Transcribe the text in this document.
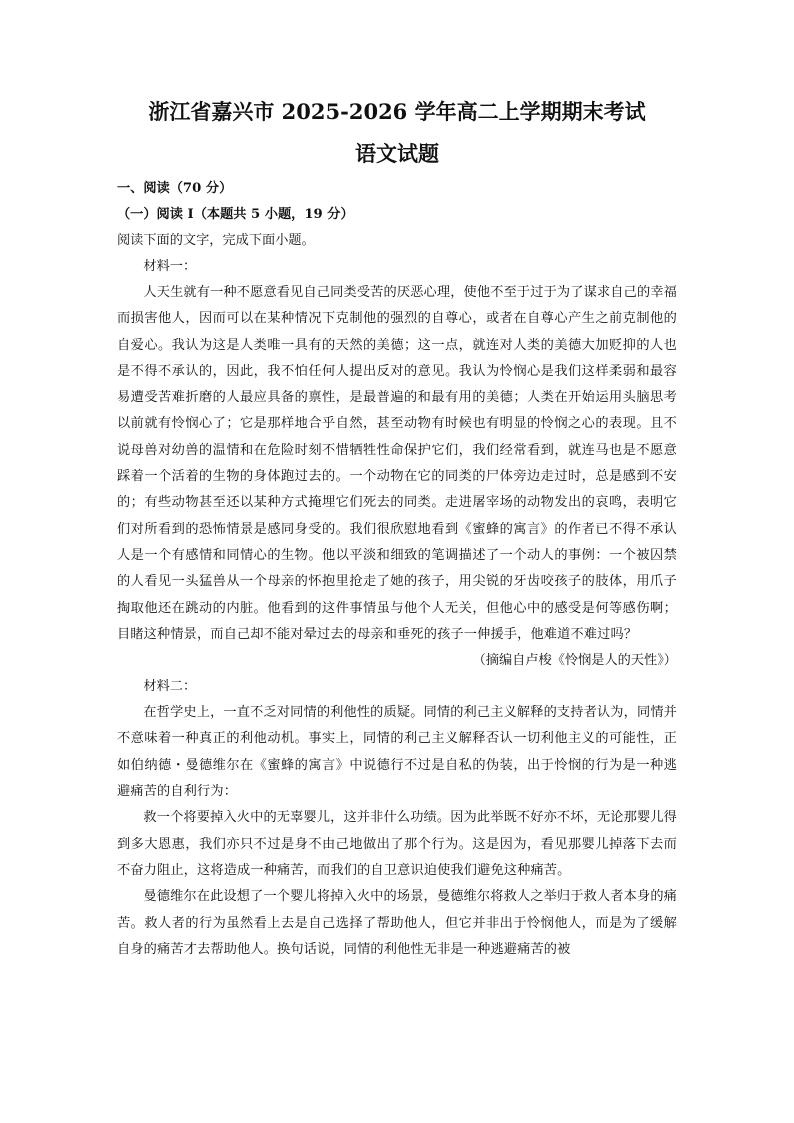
浙江省嘉兴市 2025-2026 学年高二上学期期末考试
语文试题

一、阅读（70 分）

（一）阅读 I（本题共 5 小题，19 分）

阅读下面的文字，完成下面小题。

材料一：

人天生就有一种不愿意看见自己同类受苦的厌恶心理，使他不至于过于为了谋求自己的幸福而损害他人，因而可以在某种情况下克制他的强烈的自尊心，或者在自尊心产生之前克制他的自爱心。我认为这是人类唯一具有的天然的美德；这一点，就连对人类的美德大加贬抑的人也是不得不承认的，因此，我不怕任何人提出反对的意见。我认为怜悯心是我们这样柔弱和最容易遭受苦难折磨的人最应具备的禀性，是最普遍的和最有用的美德；人类在开始运用头脑思考以前就有怜悯心了；它是那样地合乎自然，甚至动物有时候也有明显的怜悯之心的表现。且不说母兽对幼兽的温情和在危险时刻不惜牺牲性命保护它们，我们经常看到，就连马也是不愿意踩着一个活着的生物的身体跑过去的。一个动物在它的同类的尸体旁边走过时，总是感到不安的；有些动物甚至还以某种方式掩埋它们死去的同类。走进屠宰场的动物发出的哀鸣，表明它们对所看到的恐怖情景是感同身受的。我们很欣慰地看到《蜜蜂的寓言》的作者已不得不承认人是一个有感情和同情心的生物。他以平淡和细致的笔调描述了一个动人的事例：一个被囚禁的人看见一头猛兽从一个母亲的怀抱里抢走了她的孩子，用尖锐的牙齿咬孩子的肢体，用爪子掏取他还在跳动的内脏。他看到的这件事情虽与他个人无关，但他心中的感受是何等感伤啊；目睹这种情景，而自己却不能对晕过去的母亲和垂死的孩子一伸援手，他难道不难过吗？

（摘编自卢梭《怜悯是人的天性》）

材料二：

在哲学史上，一直不乏对同情的利他性的质疑。同情的利己主义解释的支持者认为，同情并不意味着一种真正的利他动机。事实上，同情的利己主义解释否认一切利他主义的可能性，正如伯纳德・曼德维尔在《蜜蜂的寓言》中说德行不过是自私的伪装，出于怜悯的行为是一种逃避痛苦的自利行为：

救一个将要掉入火中的无辜婴儿，这并非什么功绩。因为此举既不好亦不坏，无论那婴儿得到多大恩惠，我们亦只不过是身不由己地做出了那个行为。这是因为，看见那婴儿掉落下去而不奋力阻止，这将造成一种痛苦，而我们的自卫意识迫使我们避免这种痛苦。

曼德维尔在此设想了一个婴儿将掉入火中的场景，曼德维尔将救人之举归于救人者本身的痛苦。救人者的行为虽然看上去是自己选择了帮助他人，但它并非出于怜悯他人，而是为了缓解自身的痛苦才去帮助他人。换句话说，同情的利他性无非是一种逃避痛苦的被
